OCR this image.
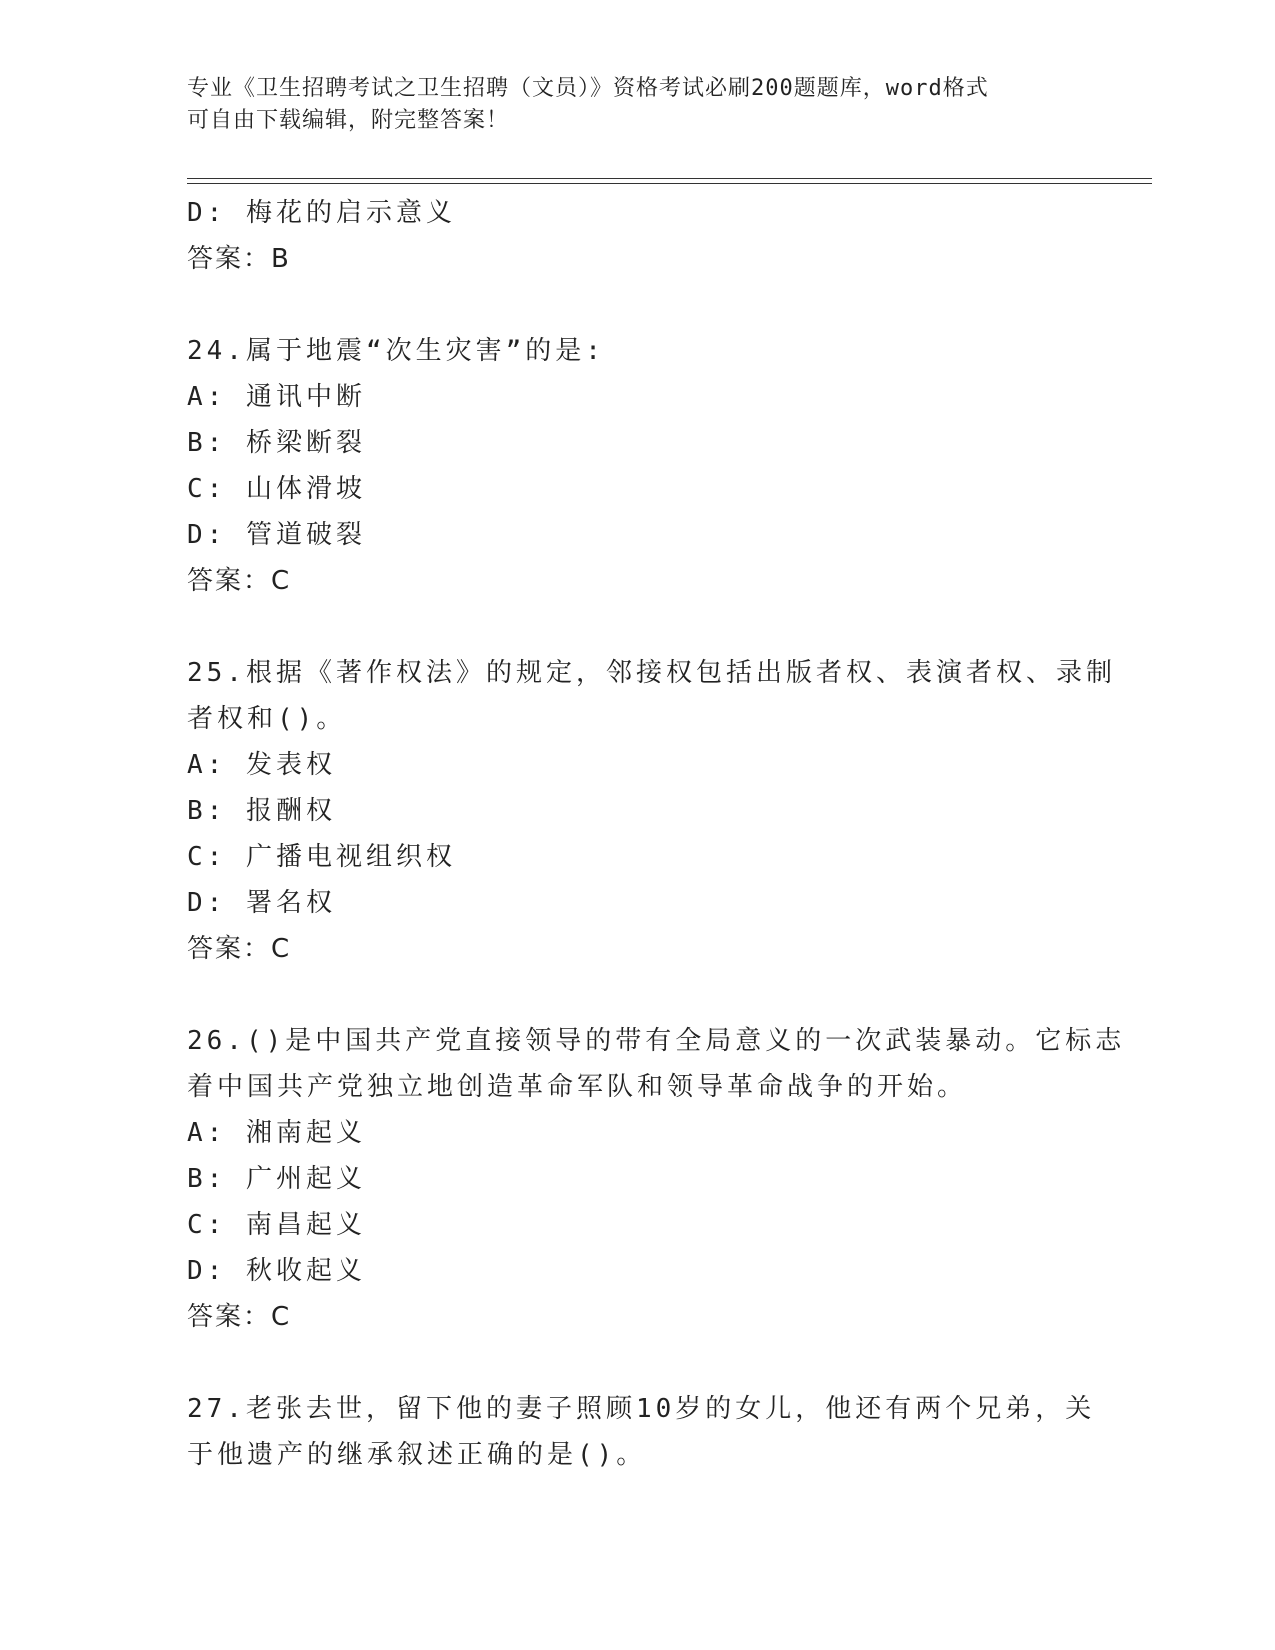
专业《卫生招聘考试之卫生招聘（文员）》资格考试必刷200题题库，word格式

可自由下载编辑，附完整答案！

D: 梅花的启示意义

答案：B

24.属于地震“次生灾害”的是:

A: 通讯中断

B: 桥梁断裂

C: 山体滑坡

D: 管道破裂

答案：C

25.根据《著作权法》的规定，邻接权包括出版者权、表演者权、录制

者权和()。

A: 发表权

B: 报酬权

C: 广播电视组织权

D: 署名权

答案：C

26.()是中国共产党直接领导的带有全局意义的一次武装暴动。它标志

着中国共产党独立地创造革命军队和领导革命战争的开始。

A: 湘南起义

B: 广州起义

C: 南昌起义

D: 秋收起义

答案：C

27.老张去世，留下他的妻子照顾10岁的女儿，他还有两个兄弟，关

于他遗产的继承叙述正确的是()。
